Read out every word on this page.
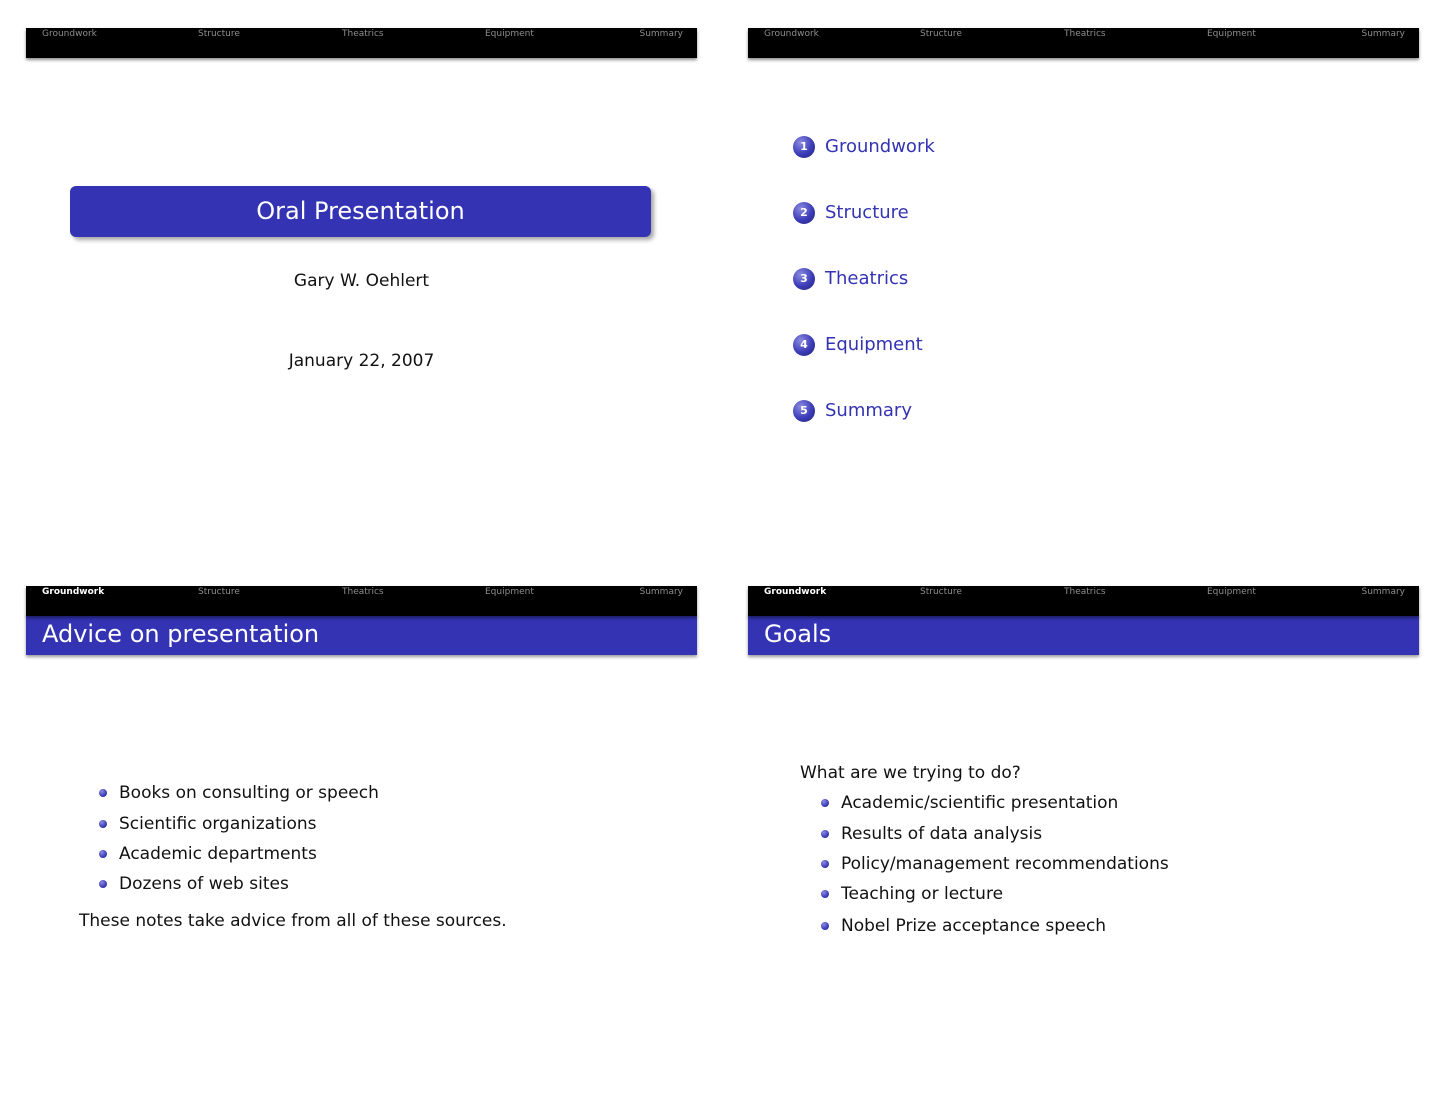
Groundwork	Structure	Theatrics	Equipment	Summary
Oral Presentation
Gary W. Oehlert
January 22, 2007
Groundwork	Structure	Theatrics	Equipment	Summary
1 Groundwork
2 Structure
3 Theatrics
4 Equipment
5 Summary
Groundwork	Structure	Theatrics	Equipment	Summary
Advice on presentation
Books on consulting or speech
Scientific organizations
Academic departments
Dozens of web sites
These notes take advice from all of these sources.
Groundwork	Structure	Theatrics	Equipment	Summary
Goals
What are we trying to do?
Academic/scientific presentation
Results of data analysis
Policy/management recommendations
Teaching or lecture
Nobel Prize acceptance speech
